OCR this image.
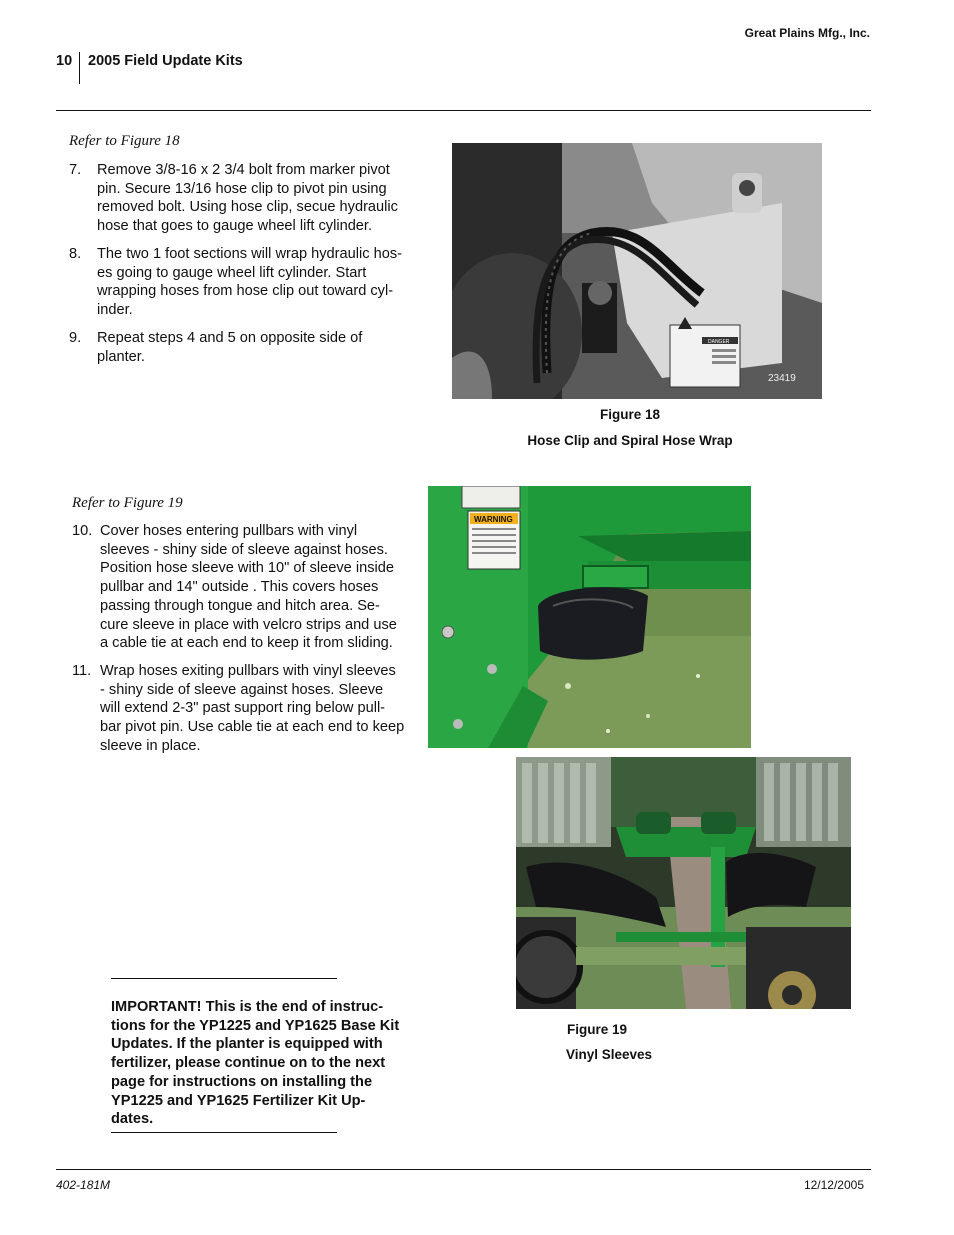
Great Plains Mfg., Inc.
10 2005 Field Update Kits
Refer to Figure 18
7. Remove 3/8-16 x 2 3/4 bolt from marker pivot
pin. Secure 13/16 hose clip to pivot pin using
removed bolt. Using hose clip, secue hydraulic
hose that goes to gauge wheel lift cylinder.
8. The two 1 foot sections will wrap hydraulic hos-
es going to gauge wheel lift cylinder. Start
wrapping hoses from hose clip out toward cyl-
inder.
9. Repeat steps 4 and 5 on opposite side of
planter.
DANGER
23419
Figure 18
Hose Clip and Spiral Hose Wrap
Refer to Figure 19
10. Cover hoses entering pullbars with vinyl
sleeves - shiny side of sleeve against hoses.
Position hose sleeve with 10" of sleeve inside
pullbar and 14" outside . This covers hoses
passing through tongue and hitch area. Se-
cure sleeve in place with velcro strips and use
a cable tie at each end to keep it from sliding.
11. Wrap hoses exiting pullbars with vinyl sleeves
- shiny side of sleeve against hoses. Sleeve
will extend 2-3" past support ring below pull-
bar pivot pin. Use cable tie at each end to keep
sleeve in place.
WARNING
Figure 19
Vinyl Sleeves
IMPORTANT! This is the end of instruc-
tions for the YP1225 and YP1625 Base Kit
Updates. If the planter is equipped with
fertilizer, please continue on to the next
page for instructions on installing the
YP1225 and YP1625 Fertilizer Kit Up-
dates.
402-181M	12/12/2005
